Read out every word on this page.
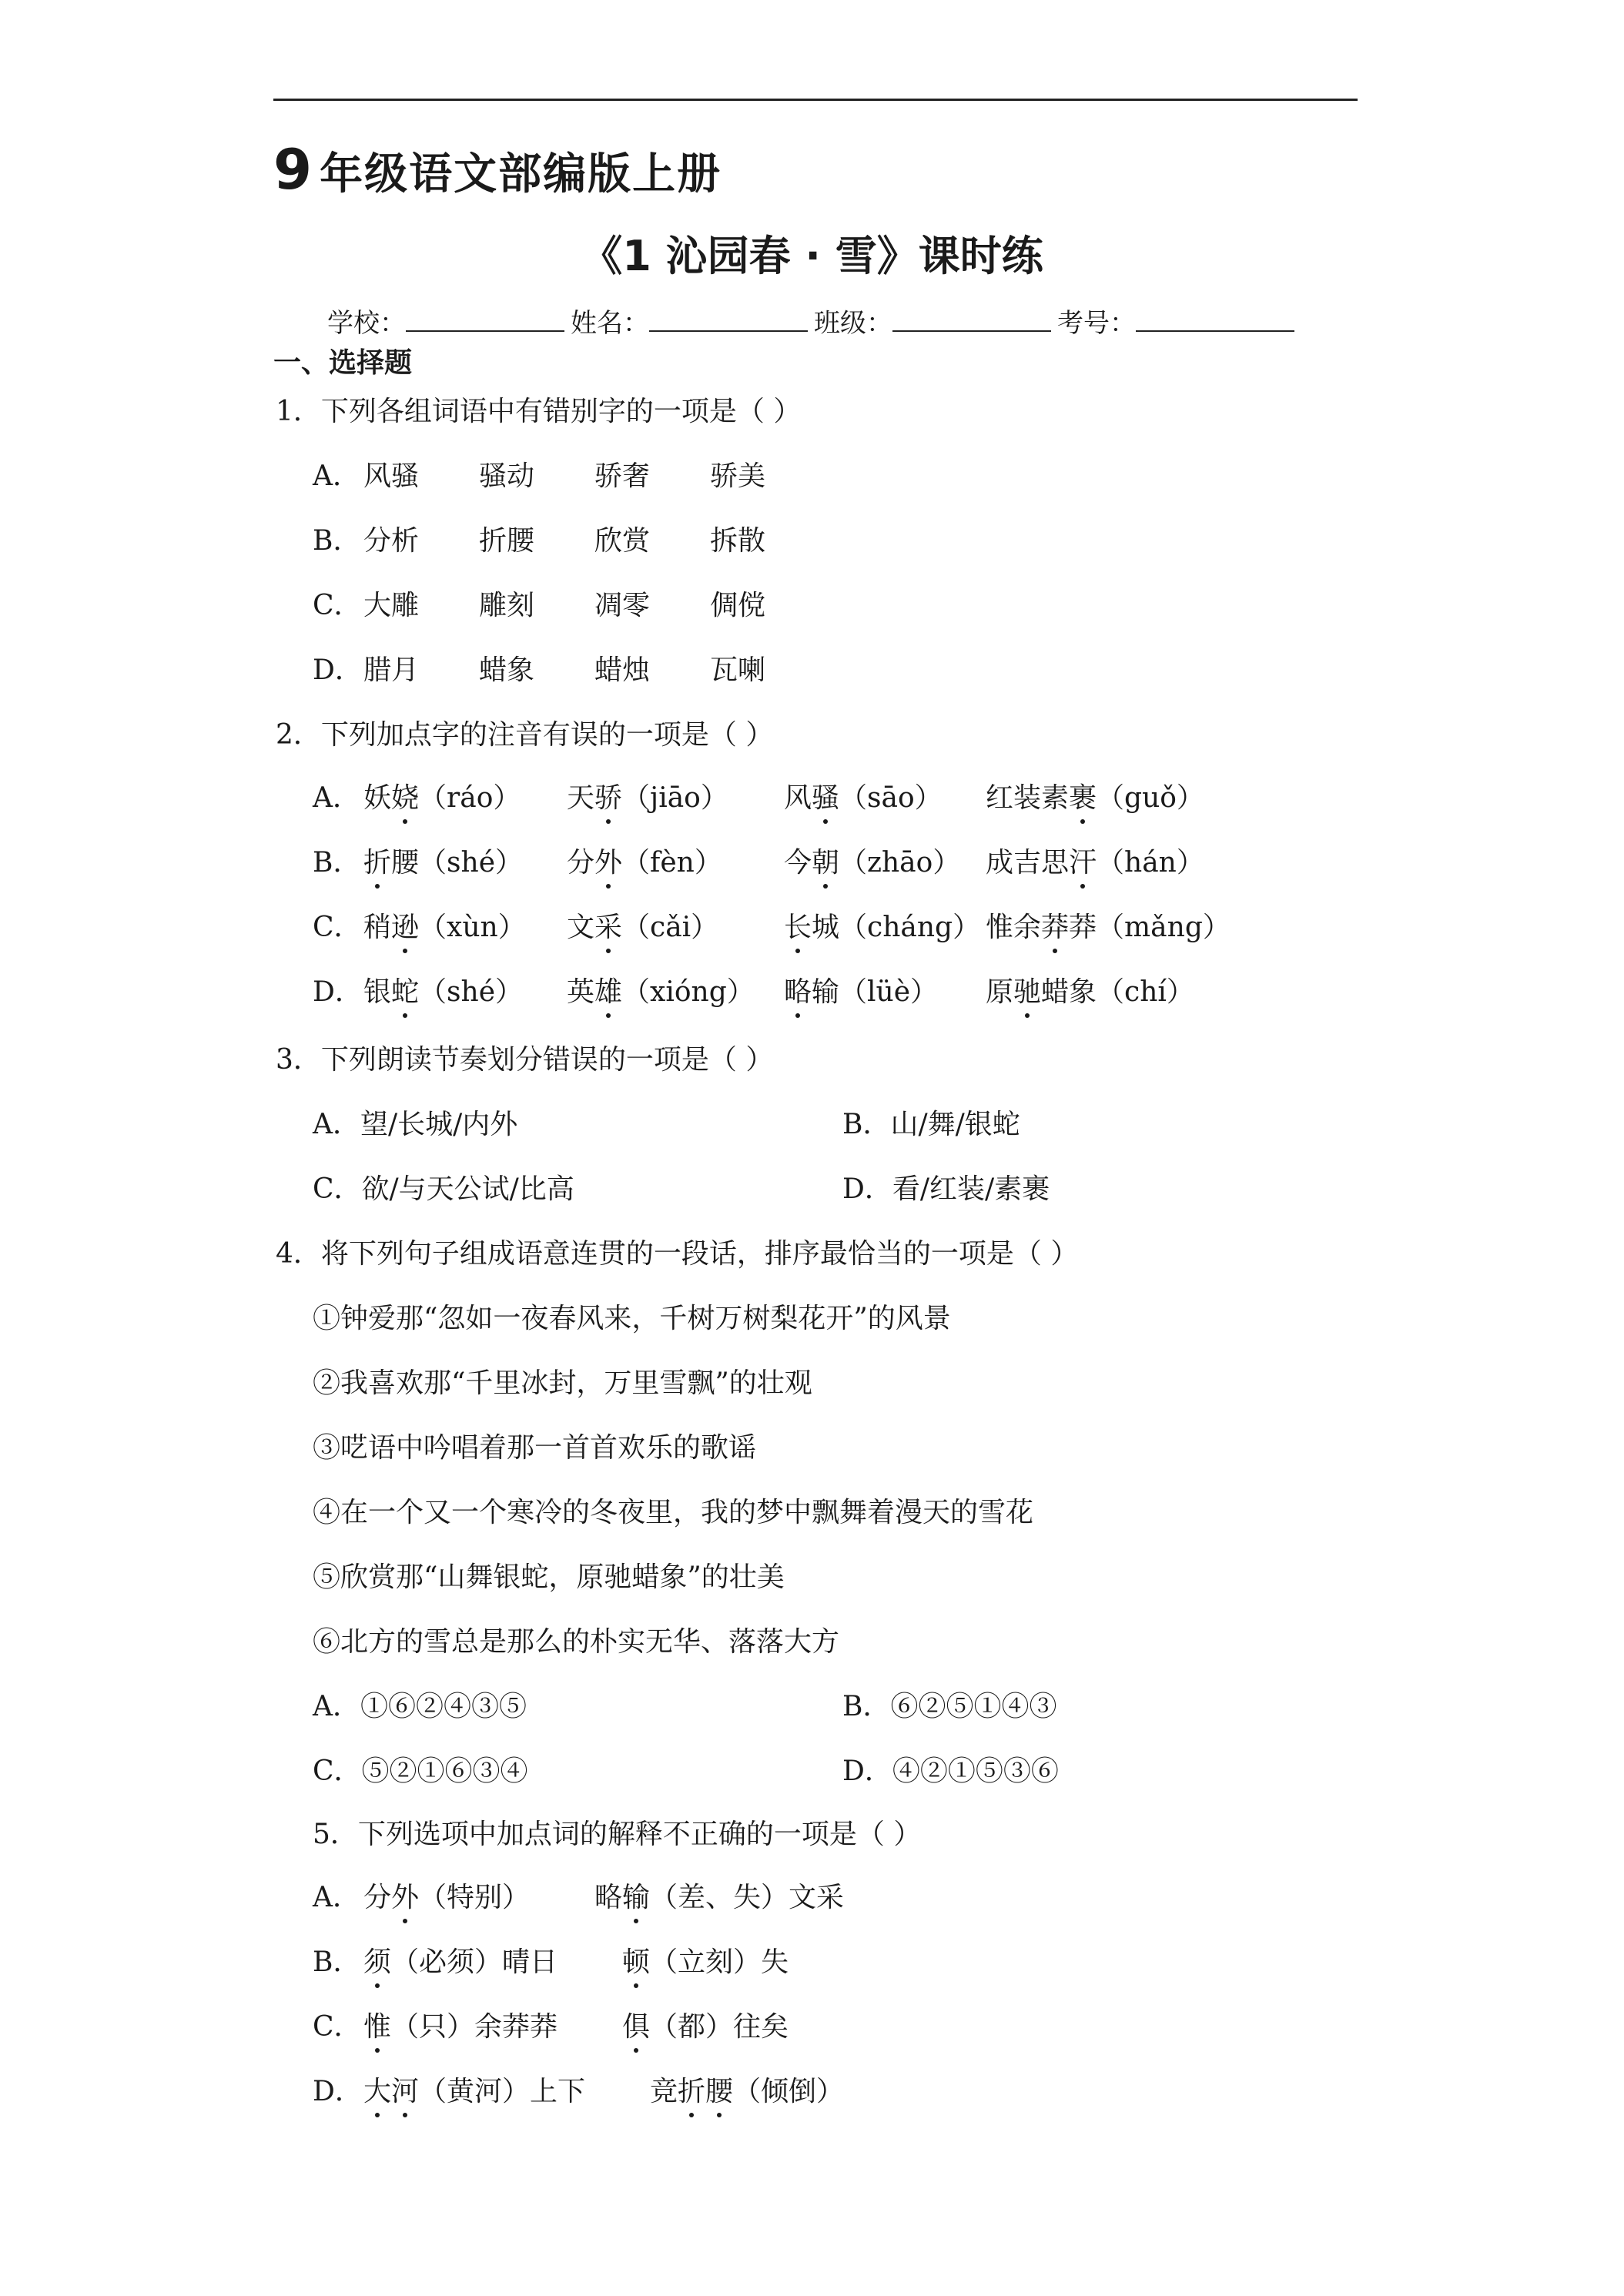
9 年级语文部编版上册
《1 沁园春 · 雪》课时练
学校：	姓名：	班级：	考号：
一、选择题
1．下列各组词语中有错别字的一项是（ ）
A． 风骚 骚动 骄奢 骄美
B．分析 折腰 欣赏 拆散
C．大雕 雕刻 凋零 倜傥
D．腊月 蜡象 蜡烛 瓦喇
2．下列加点字的注音有误的一项是（ ）
A． 妖娆（ráo） 天骄（jiāo） 风骚（sāo） 红装素裹（guǒ）
B．折腰（shé） 分外（fèn） 今朝（zhāo） 成吉思汗（hán）
C．稍逊（xùn） 文采（cǎi） 长城（cháng） 惟余莽莽（mǎng）
D．银蛇（shé） 英雄（xióng） 略输（lüè） 原驰蜡象（chí）
3．下列朗读节奏划分错误的一项是（ ）
A．望/长城/内外	B．山/舞/银蛇
C．欲/与天公试/比高	D．看/红装/素裹
4．将下列句子组成语意连贯的一段话，排序最恰当的一项是（ ）
①钟爱那“忽如一夜春风来，千树万树梨花开”的风景
②我喜欢那“千里冰封，万里雪飘”的壮观
③呓语中吟唱着那一首首欢乐的歌谣
④在一个又一个寒冷的冬夜里，我的梦中飘舞着漫天的雪花
⑤欣赏那“山舞银蛇，原驰蜡象”的壮美
⑥北方的雪总是那么的朴实无华、落落大方
A．①⑥②④③⑤	B．⑥②⑤①④③
C．⑤②①⑥③④	D．④②①⑤③⑥
5．下列选项中加点词的解释不正确的一项是（ ）
A． 分外（特别） 略输（差、失）文采
B．须（必须）晴日 顿（立刻）失
C．惟（只）余莽莽 俱（都）往矣
D．大河（黄河）上下 竞折腰（倾倒）
